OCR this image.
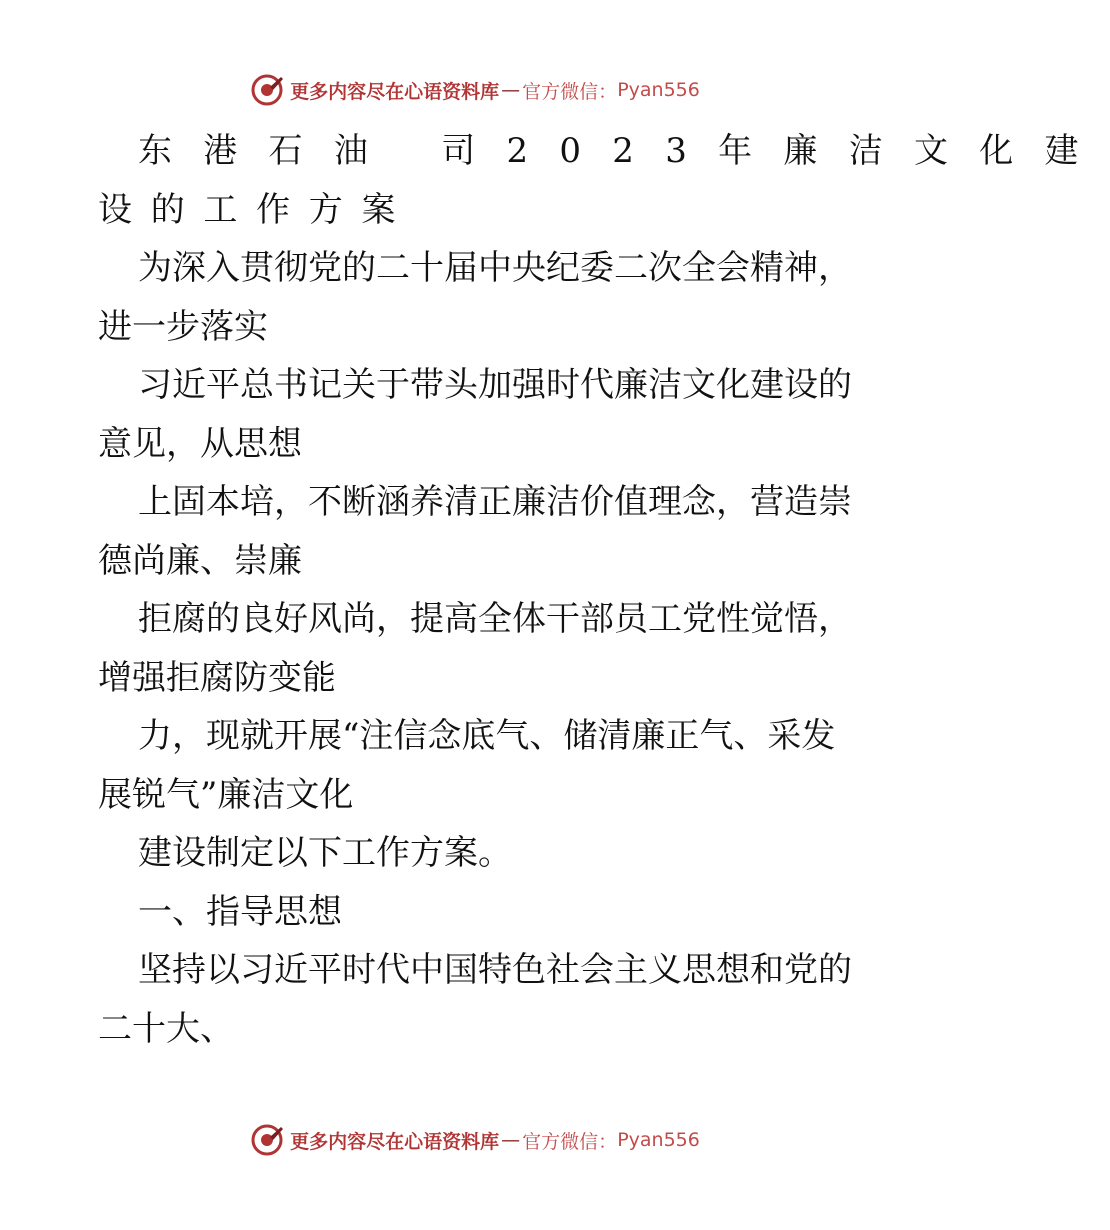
更多内容尽在心语资料库 — 官方微信： Pyan556
东港石油 司2023年廉洁文化建
设的工作方案
为深入贯彻党的二十届中央纪委二次全会精神，
进一步落实
习近平总书记关于带头加强时代廉洁文化建设的
意见，从思想
上固本培，不断涵养清正廉洁价值理念，营造崇
德尚廉、崇廉
拒腐的良好风尚，提高全体干部员工党性觉悟，
增强拒腐防变能
力，现就开展“注信念底气、储清廉正气、采发
展锐气”廉洁文化
建设制定以下工作方案。
一、指导思想
坚持以习近平时代中国特色社会主义思想和党的
二十大、
更多内容尽在心语资料库 — 官方微信： Pyan556
